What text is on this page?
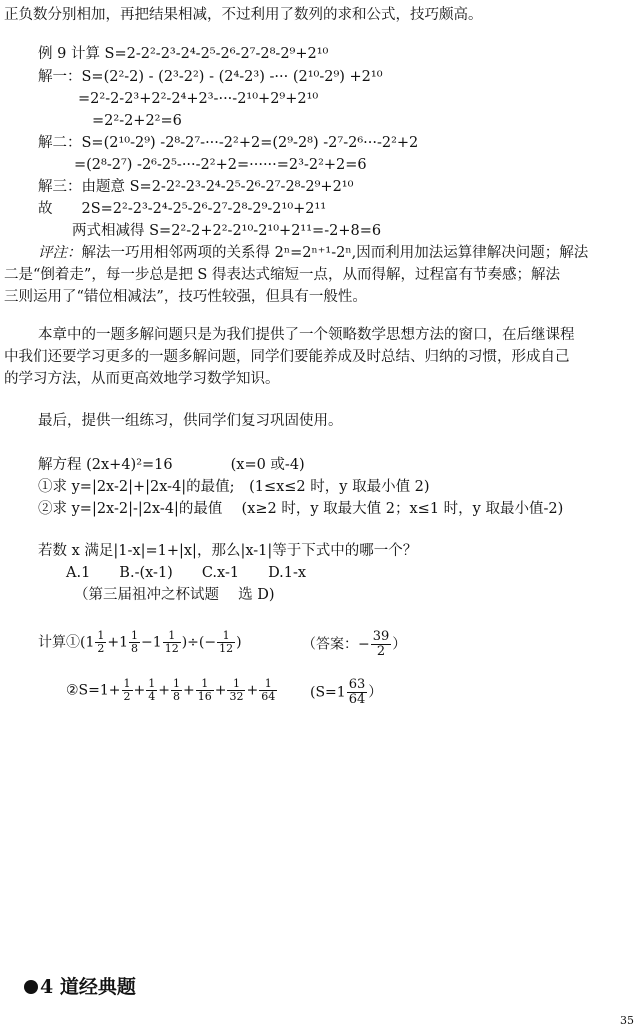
正负数分别相加，再把结果相减，不过利用了数列的求和公式，技巧颇高。
例 9 计算 S=2-2²-2³-2⁴-2⁵-2⁶-2⁷-2⁸-2⁹+2¹⁰
解一：S=(2²-2) - (2³-2²) - (2⁴-2³) -··· (2¹⁰-2⁹) +2¹⁰
=2²-2-2³+2²-2⁴+2³-···-2¹⁰+2⁹+2¹⁰
=2²-2+2²=6
解二：S=(2¹⁰-2⁹) -2⁸-2⁷-···-2²+2=(2⁹-2⁸) -2⁷-2⁶···-2²+2
=(2⁸-2⁷) -2⁶-2⁵-···-2²+2=······=2³-2²+2=6
解三：由题意 S=2-2²-2³-2⁴-2⁵-2⁶-2⁷-2⁸-2⁹+2¹⁰
故　　2S=2²-2³-2⁴-2⁵-2⁶-2⁷-2⁸-2⁹-2¹⁰+2¹¹
两式相减得 S=2²-2+2²-2¹⁰-2¹⁰+2¹¹=-2+8=6
评注：解法一巧用相邻两项的关系得 2ⁿ=2ⁿ⁺¹-2ⁿ,因而利用加法运算律解决问题；解法
二是“倒着走”，每一步总是把 S 得表达式缩短一点，从而得解，过程富有节奏感；解法
三则运用了“错位相减法”，技巧性较强，但具有一般性。
本章中的一题多解问题只是为我们提供了一个领略数学思想方法的窗口，在后继课程
中我们还要学习更多的一题多解问题，同学们要能养成及时总结、归纳的习惯，形成自己
的学习方法，从而更高效地学习数学知识。
最后，提供一组练习，供同学们复习巩固使用。
解方程 (2x+4)²=16　　　　(x=0 或-4)
①求 y=|2x-2|+|2x-4|的最值;　(1≤x≤2 时，y 取最小值 2)
②求 y=|2x-2|-|2x-4|的最值　 (x≥2 时，y 取最大值 2；x≤1 时，y 取最小值-2)
若数 x 满足|1-x|=1+|x|，那么|x-1|等于下式中的哪一个？
A.1　　B.-(x-1)　　C.x-1　　D.1-x
（第三届祖冲之杯试题　 选 D)
计算①(1 $\frac{1}{2} +1 \frac{1}{8} -1 \frac{1}{12}$ )÷(− $\frac{1}{12}$ )	（答案：− $\frac{39}{2}$ ）
②S=1+ $\frac{1}{2} + \frac{1}{4} + \frac{1}{8} + \frac{1}{16} + \frac{1}{32} + \frac{1}{64} (S=1 \frac{63}{64}$ ）
4 道经典题
35
